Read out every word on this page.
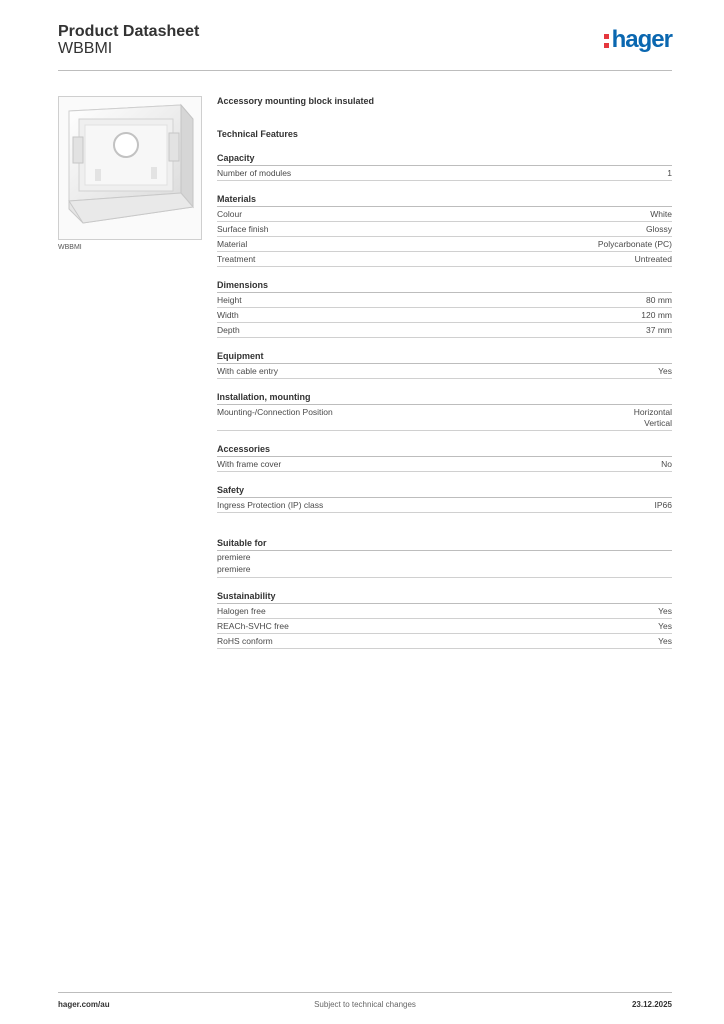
Product Datasheet
WBBMI	hager
WBBMI
Accessory mounting block insulated
Technical Features
Capacity
Number of modules	1
Materials
Colour	White
Surface finish	Glossy
Material	Polycarbonate (PC)
Treatment	Untreated
Dimensions
Height	80 mm
Width	120 mm
Depth	37 mm
Equipment
With cable entry	Yes
Installation, mounting
Mounting-/Connection Position	Horizontal
Vertical
Accessories
With frame cover	No
Safety
Ingress Protection (IP) class	IP66
Suitable for
premiere
premiere
Sustainability
Halogen free	Yes
REACh-SVHC free	Yes
RoHS conform	Yes
hager.com/au	Subject to technical changes	23.12.2025
